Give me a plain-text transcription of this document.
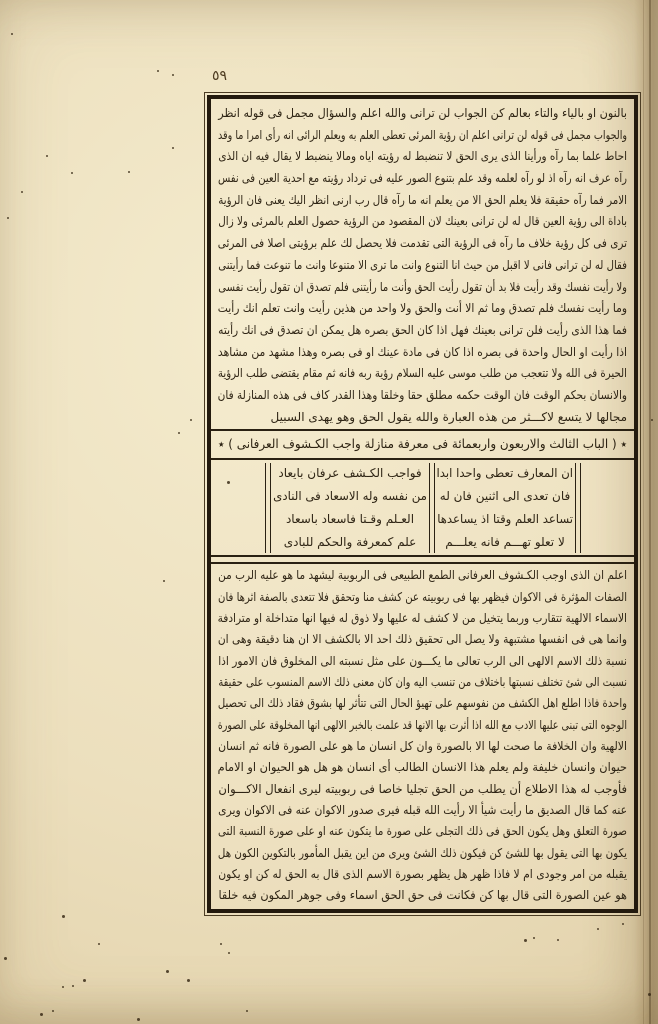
٥٩
بالنون او بالياء والتاء بعالم كن الجواب لن ترانى والله اعلم والسؤال مجمل فى قوله انظر
والجواب مجمل فى قوله لن ترانى اعلم ان رؤية المرئى تعطى العلم به ويعلم الرائى انه رأى امرا ما وقد
احاط علما بما رآه ورأينا الذى يرى الحق لا تنضبط له رؤيته اياه ومالا ينضبط لا يقال فيه ان الذى
رآه عرف انه رآه اذ لو رآه لعلمه وقد علم بتنوع الصور عليه فى ترداد رؤيته مع احدية العين فى نفس
الامر فما رآه حقيقة فلا يعلم الحق الا من يعلم انه ما رآه قال رب ارنى انظر اليك يعنى فان الرؤية
باداة الى رؤية العين قال له لن ترانى بعينك لان المقصود من الرؤية حصول العلم بالمرئى ولا زال
ترى فى كل رؤية خلاف ما رآه فى الرؤية التى تقدمت فلا يحصل لك علم برؤيتى اصلا فى المرئى
فقال له لن ترانى فانى لا اقبل من حيث انا التنوع وانت ما ترى الا متنوعا وانت ما تنوعت فما رأيتنى
ولا رأيت نفسك وقد رأيت فلا بد أن تقول رأيت الحق وأنت ما رأيتنى فلم تصدق ان تقول رأيت نفسى
وما رأيت نفسك فلم تصدق وما ثم الا أنت والحق ولا واحد من هذين رأيت وانت تعلم انك رأيت
فما هذا الذى رأيت فلن ترانى بعينك فهل اذا كان الحق بصره هل يمكن ان تصدق فى انك رأيته
اذا رأيت او الحال واحدة فى بصره اذا كان فى مادة عينك او فى بصره وهذا مشهد من مشاهد
الحيرة فى الله ولا تتعجب من طلب موسى عليه السلام رؤية ربه فانه ثم مقام يقتضى طلب الرؤية
والانسان بحكم الوقت فان الوقت حكمه مطلق حقا وخلقا وهذا القدر كاف فى هذه المنازلة فان
مجالها لا يتسع لاكـــثر من هذه العبارة والله يقول الحق وهو يهدى السبيل
٭ ( الباب الثالث والاربعون واربعمائة فى معرفة منازلة واجب الكـشوف العرفانى ) ٭
ان المعارف تعطى واحدا ابدا
فان تعدى الى اثنين فان له
تساعد العلم وقتا اذ يساعدها
لا تعلو تهـــم فانه يعلـــم
فواجب الكـشف عرفان بايعاد
من نفسه وله الاسعاد فى النادى
العـلم وقـتا فاسعاد باسعاد
علم كمعرفة والحكم للبادى
اعلم ان الذى اوجب الكـشوف العرفانى الطمع الطبيعى فى الربوبية ليشهد ما هو عليه الرب من
الصفات المؤثرة فى الاكوان فيظهر بها فى ربوبيته عن كشف منا وتحقق فلا تتعدى بالصفة اثرها فان
الاسماء الالهية تتقارب وربما يتخيل من لا كشف له عليها ولا ذوق له فيها انها متداخلة او مترادفة
وانما هى فى انفسها مشتبهة ولا يصل الى تحقيق ذلك احد الا بالكشف الا ان هنا دقيقة وهى ان
نسبة ذلك الاسم الالهى الى الرب تعالى ما يكـــون على مثل نسبته الى المخلوق فان الامور اذا
نسبت الى شئ تختلف نسبتها باختلاف من تنسب اليه وان كان معنى ذلك الاسم المنسوب على حقيقة
واحدة فاذا اطلع اهل الكشف من نفوسهم على تهيؤ الحال التى تتأثر لها بشوق فقاد ذلك الى تحصيل
الوجوه التى تبنى عليها الادب مع الله اذا أثرت بها الانها قد علمت بالخبر الالهى انها المخلوقة على الصورة
الالهية وان الخلافة ما صحت لها الا بالصورة وان كل انسان ما هو على الصورة فانه ثم انسان
حيوان وانسان خليفة ولم يعلم هذا الانسان الطالب أى انسان هو هل هو الحيوان او الامام
فأوجب له هذا الاطلاع أن يطلب من الحق تجليا خاصا فى ربوبيته ليرى انفعال الاكـــوان
عنه كما قال الصديق ما رأيت شيأ الا رأيت الله قبله فيرى صدور الاكوان عنه فى الاكوان ويرى
صورة التعلق وهل يكون الحق فى ذلك التجلى على صورة ما يتكون عنه او على صورة النسبة التى
يكون بها التى يقول بها للشئ كن فيكون ذلك الشئ ويرى من اين يقبل المأمور بالتكوين الكون هل
يقبله من امر وجودى ام لا فاذا ظهر هل يظهر بصورة الاسم الذى قال به الحق له كن او يكون
هو عين الصورة التى قال بها كن فكانت فى حق الحق اسماء وفى جوهر المكون فيه خلقا
